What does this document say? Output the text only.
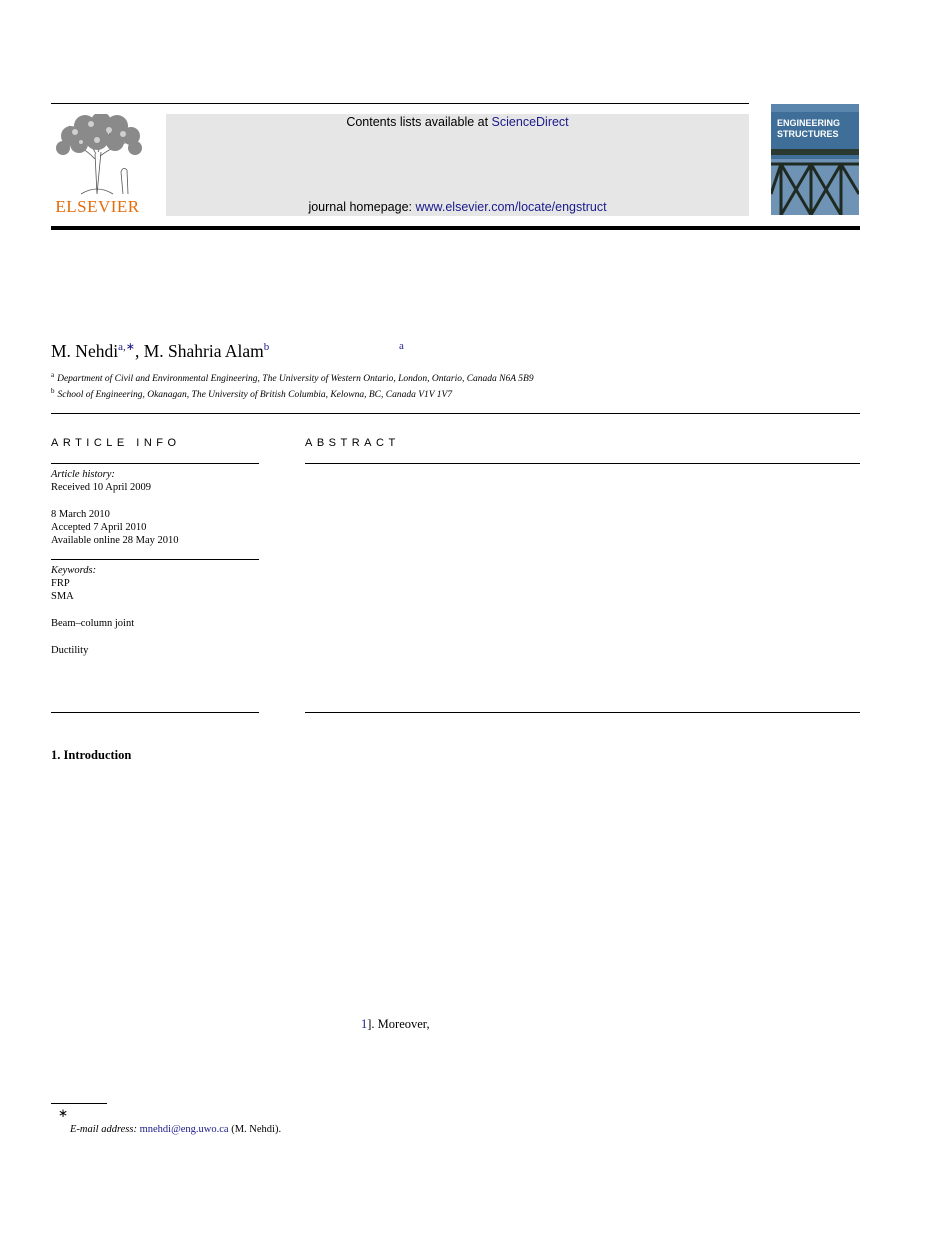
ELSEVIER
Contents lists available at ScienceDirect
journal homepage: www.elsevier.com/locate/engstruct
ENGINEERING
STRUCTURES
M. Nehdi$^{a,∗}$, M. Shahria Alam$^b$	a
$^a$ Department of Civil and Environmental Engineering, The University of Western Ontario, London, Ontario, Canada N6A 5B9
$^b$ School of Engineering, Okanagan, The University of British Columbia, Kelowna, BC, Canada V1V 1V7
ARTICLE INFO
Article history:
Received 10 April 2009
8 March 2010
Accepted 7 April 2010
Available online 28 May 2010
Keywords:
FRP
SMA
Beam–column joint
Ductility
ABSTRACT
1. Introduction
1]. Moreover,
∗
E-mail address: mnehdi@eng.uwo.ca (M. Nehdi).
